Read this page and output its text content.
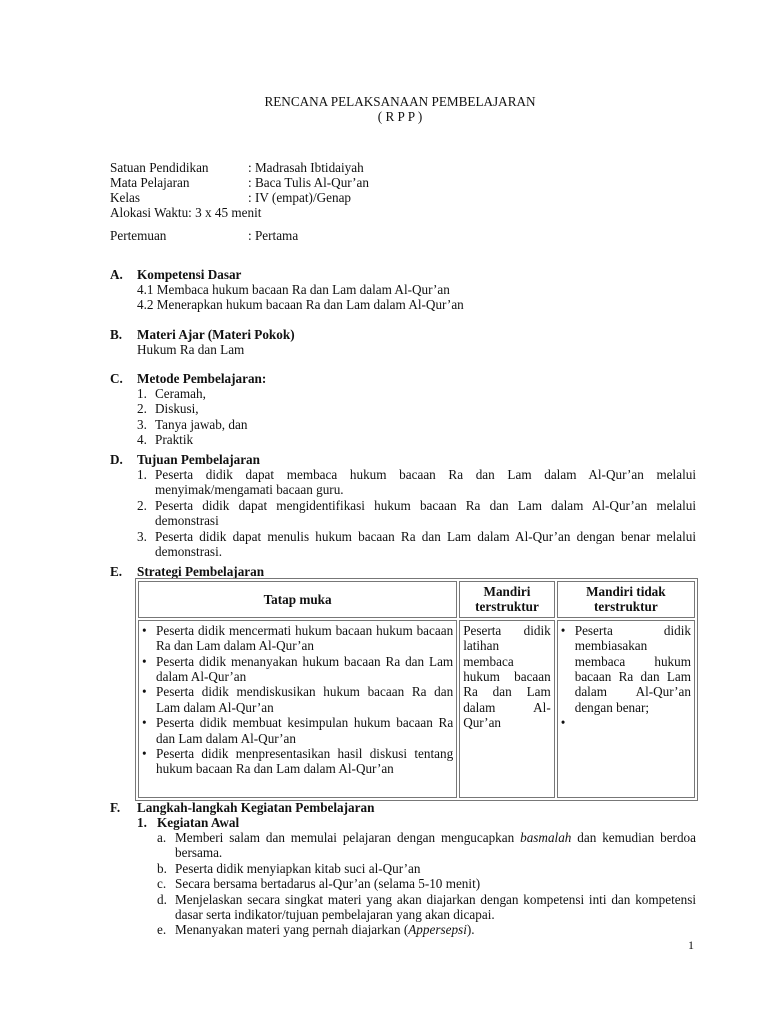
RENCANA PELAKSANAAN PEMBELAJARAN
( R P P )
Satuan Pendidikan	: Madrasah Ibtidaiyah
Mata Pelajaran	: Baca Tulis Al-Qur’an
Kelas	: IV (empat)/Genap
Alokasi Waktu: 3 x 45 menit
Pertemuan	: Pertama
A. Kompetensi Dasar
4.1 Membaca hukum bacaan Ra dan Lam dalam Al-Qur’an
4.2 Menerapkan hukum bacaan Ra dan Lam dalam Al-Qur’an
B. Materi Ajar (Materi Pokok)
Hukum Ra dan Lam
C. Metode Pembelajaran:
1. Ceramah,
2. Diskusi,
3. Tanya jawab, dan
4. Praktik
D. Tujuan Pembelajaran
1. Peserta didik dapat membaca hukum bacaan Ra dan Lam dalam Al-Qur’an melalui menyimak/mengamati bacaan guru.
2. Peserta didik dapat mengidentifikasi hukum bacaan Ra dan Lam dalam Al-Qur’an melalui demonstrasi
3. Peserta didik dapat menulis hukum bacaan Ra dan Lam dalam Al-Qur’an dengan benar melalui demonstrasi.
E. Strategi Pembelajaran
Tatap muka	Mandiri terstruktur	Mandiri tidak terstruktur

• Peserta didik mencermati hukum bacaan hukum bacaan Ra dan Lam dalam Al-Qur’an
• Peserta didik menanyakan hukum bacaan Ra dan Lam dalam Al-Qur’an
• Peserta didik mendiskusikan hukum bacaan Ra dan Lam dalam Al-Qur’an
• Peserta didik membuat kesimpulan hukum bacaan Ra dan Lam dalam Al-Qur’an
• Peserta didik menpresentasikan hasil diskusi tentang hukum bacaan Ra dan Lam dalam Al-Qur’an	Peserta didik latihan membaca hukum bacaan Ra dan Lam dalam Al-Qur’an	• Peserta didik membiasakan membaca hukum bacaan Ra dan Lam dalam Al-Qur’an dengan benar;
F. Langkah-langkah Kegiatan Pembelajaran
1. Kegiatan Awal
a. Memberi salam dan memulai pelajaran dengan mengucapkan basmalah dan kemudian berdoa bersama.
b. Peserta didik menyiapkan kitab suci al-Qur’an
c. Secara bersama bertadarus al-Qur’an (selama 5-10 menit)
d. Menjelaskan secara singkat materi yang akan diajarkan dengan kompetensi inti dan kompetensi dasar serta indikator/tujuan pembelajaran yang akan dicapai.
e. Menanyakan materi yang pernah diajarkan (Appersepsi).
1
